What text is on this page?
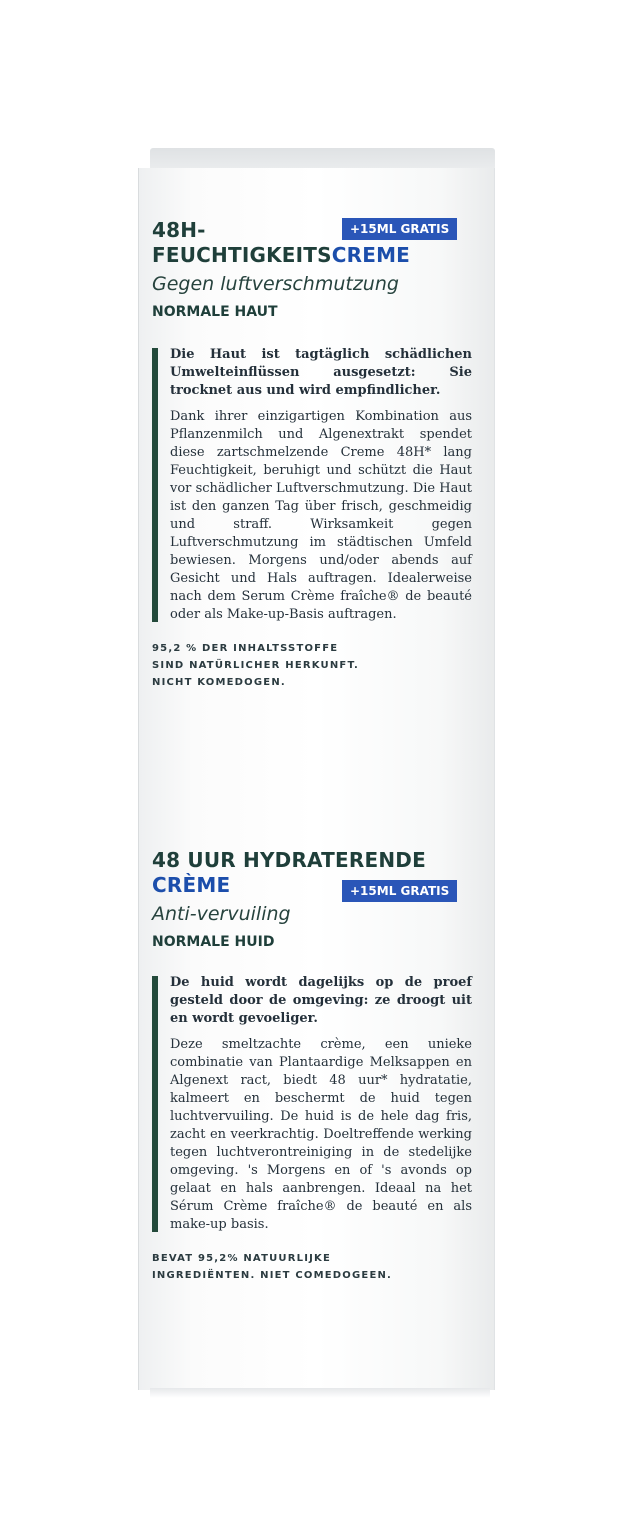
+15ML GRATIS
48H-
FEUCHTIGKEITSCREME
Gegen luftverschmutzung
NORMALE HAUT

Die Haut ist tagtäglich schädlichen Umwelteinflüssen ausgesetzt: Sie trocknet aus und wird empfindlicher.

Dank ihrer einzigartigen Kombination aus Pflanzenmilch und Algenextrakt spendet diese zartschmelzende Creme 48H* lang Feuchtigkeit, beruhigt und schützt die Haut vor schädlicher Luftverschmutzung. Die Haut ist den ganzen Tag über frisch, geschmeidig und straff. Wirksamkeit gegen Luftverschmutzung im städtischen Umfeld bewiesen. Morgens und/oder abends auf Gesicht und Hals auftragen. Idealerweise nach dem Serum Crème fraîche® de beauté oder als Make-up-Basis auftragen.

95,2 % DER INHALTSSTOFFE
SIND NATÜRLICHER HERKUNFT.
NICHT KOMEDOGEN.
+15ML GRATIS
48 UUR HYDRATERENDE
CRÈME
Anti-vervuiling
NORMALE HUID

De huid wordt dagelijks op de proef gesteld door de omgeving: ze droogt uit en wordt gevoeliger.

Deze smeltzachte crème, een unieke combinatie van Plantaardige Melksappen en Algenext ract, biedt 48 uur* hydratatie, kalmeert en beschermt de huid tegen luchtvervuiling. De huid is de hele dag fris, zacht en veerkrachtig. Doeltreffende werking tegen luchtverontreiniging in de stedelijke omgeving. 's Morgens en of 's avonds op gelaat en hals aanbrengen. Ideaal na het Sérum Crème fraîche® de beauté en als make-up basis.

BEVAT 95,2% NATUURLIJKE
INGREDIËNTEN. NIET COMEDOGEEN.
